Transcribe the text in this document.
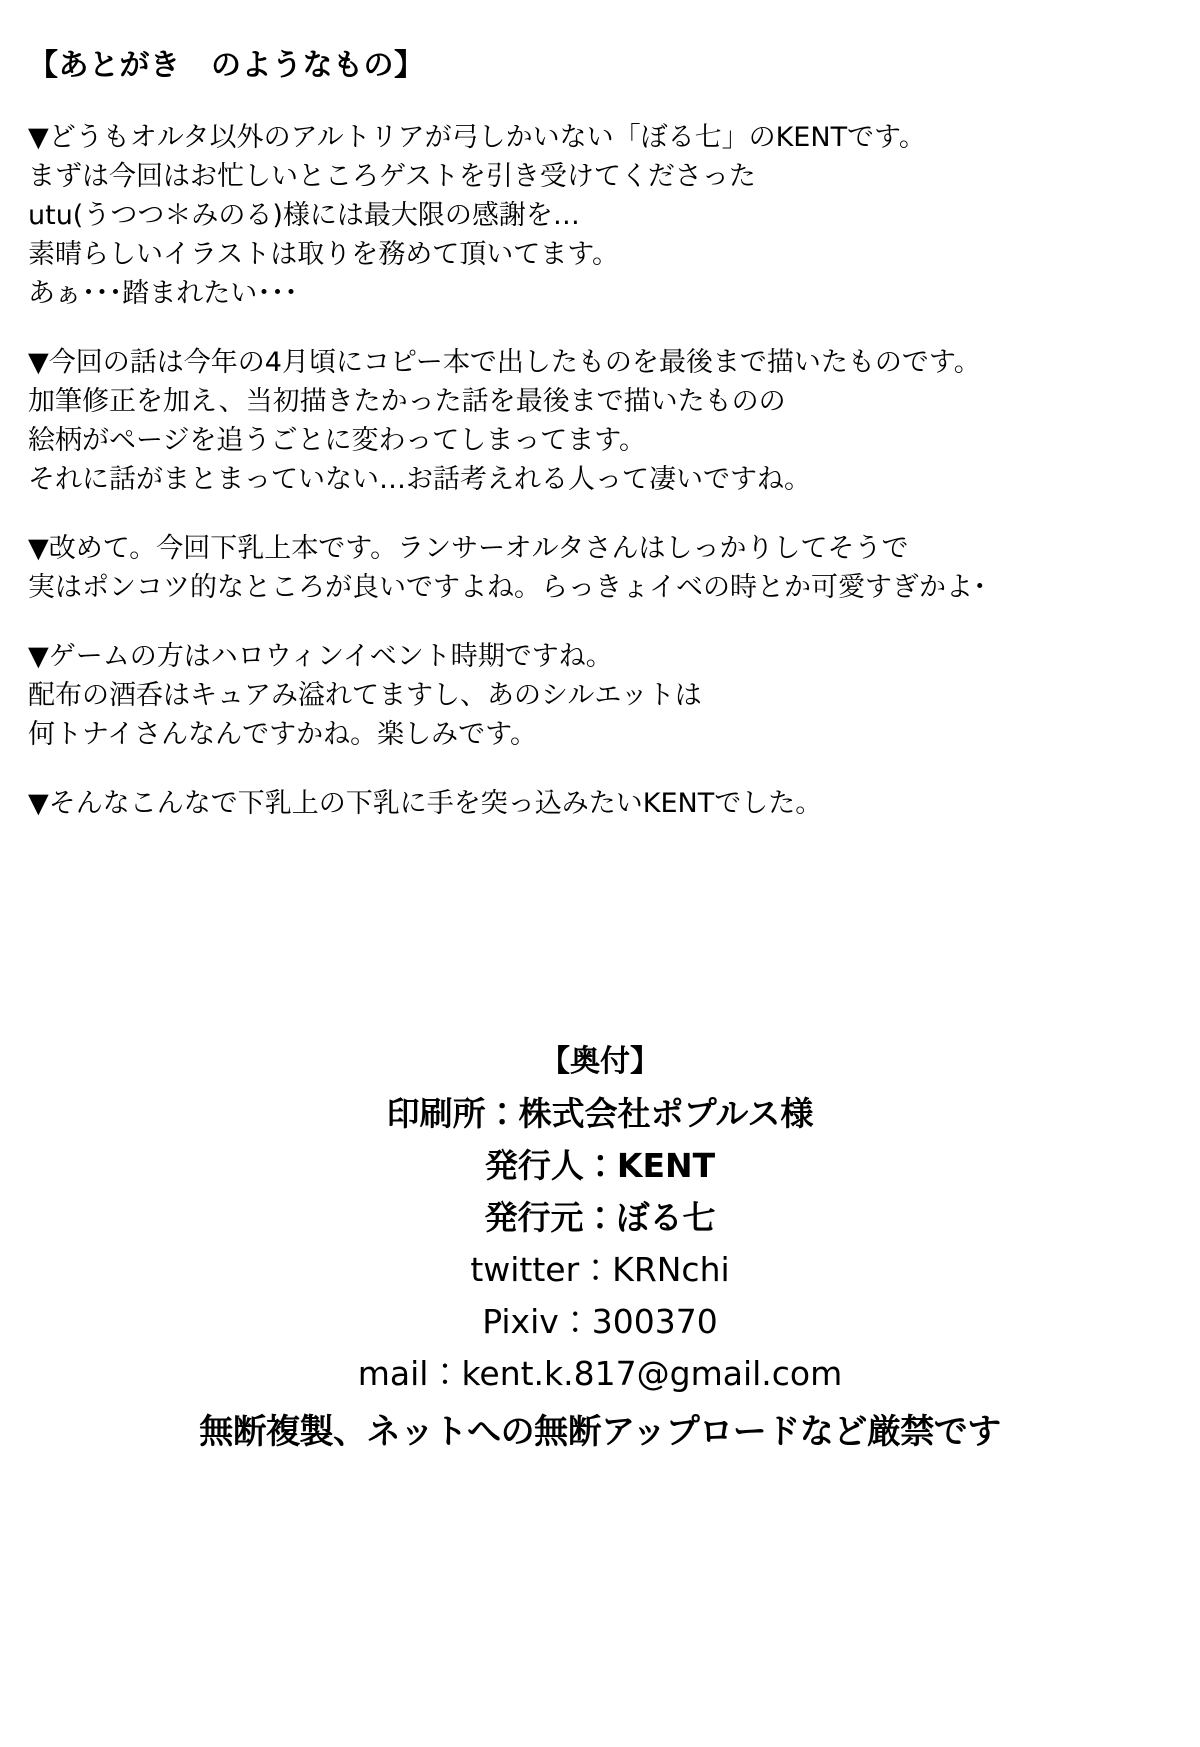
【あとがき　のようなもの】

▼どうもオルタ以外のアルトリアが弓しかいない「ぼる七」のKENTです。

まずは今回はお忙しいところゲストを引き受けてくださった

utu(うつつ＊みのる)様には最大限の感謝を…

素晴らしいイラストは取りを務めて頂いてます。

あぁ･･･踏まれたい･･･

▼今回の話は今年の4月頃にコピー本で出したものを最後まで描いたものです。

加筆修正を加え、当初描きたかった話を最後まで描いたものの

絵柄がページを追うごとに変わってしまってます。

それに話がまとまっていない…お話考えれる人って凄いですね。

▼改めて。今回下乳上本です。ランサーオルタさんはしっかりしてそうで

実はポンコツ的なところが良いですよね。らっきょイベの時とか可愛すぎかよ･

▼ゲームの方はハロウィンイベント時期ですね。

配布の酒呑はキュアみ溢れてますし、あのシルエットは

何トナイさんなんですかね。楽しみです。

▼そんなこんなで下乳上の下乳に手を突っ込みたいKENTでした。

【奥付】

印刷所：株式会社ポプルス様

発行人：KENT

発行元：ぼる七

twitter：KRNchi

Pixiv：300370

mail：kent.k.817@gmail.com

無断複製、ネットへの無断アップロードなど厳禁です
